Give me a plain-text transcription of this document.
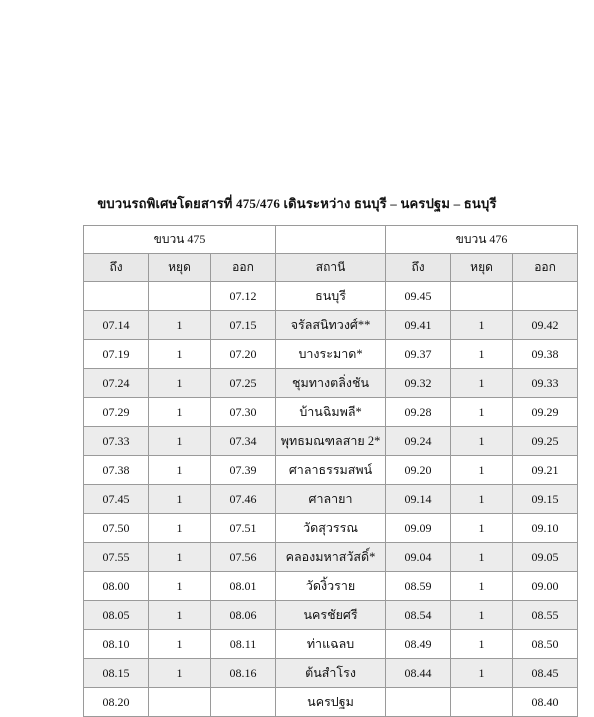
ขบวนรถพิเศษโดยสารที่ 475/476 เดินระหว่าง ธนบุรี – นครปฐม – ธนบุรี
ขบวน 475				ขบวน 476		
ถึง	หยุด	ออก	สถานี	ถึง	หยุด	ออก
		07.12	ธนบุรี	09.45		
07.14	1	07.15	จรัลสนิทวงศ์**	09.41	1	09.42
07.19	1	07.20	บางระมาด*	09.37	1	09.38
07.24	1	07.25	ชุมทางตลิ่งชัน	09.32	1	09.33
07.29	1	07.30	บ้านฉิมพลี*	09.28	1	09.29
07.33	1	07.34	พุทธมณฑลสาย 2*	09.24	1	09.25
07.38	1	07.39	ศาลาธรรมสพน์	09.20	1	09.21
07.45	1	07.46	ศาลายา	09.14	1	09.15
07.50	1	07.51	วัดสุวรรณ	09.09	1	09.10
07.55	1	07.56	คลองมหาสวัสดิ์*	09.04	1	09.05
08.00	1	08.01	วัดงิ้วราย	08.59	1	09.00
08.05	1	08.06	นครชัยศรี	08.54	1	08.55
08.10	1	08.11	ท่าแฉลบ	08.49	1	08.50
08.15	1	08.16	ต้นสำโรง	08.44	1	08.45
08.20			นครปฐม			08.40
